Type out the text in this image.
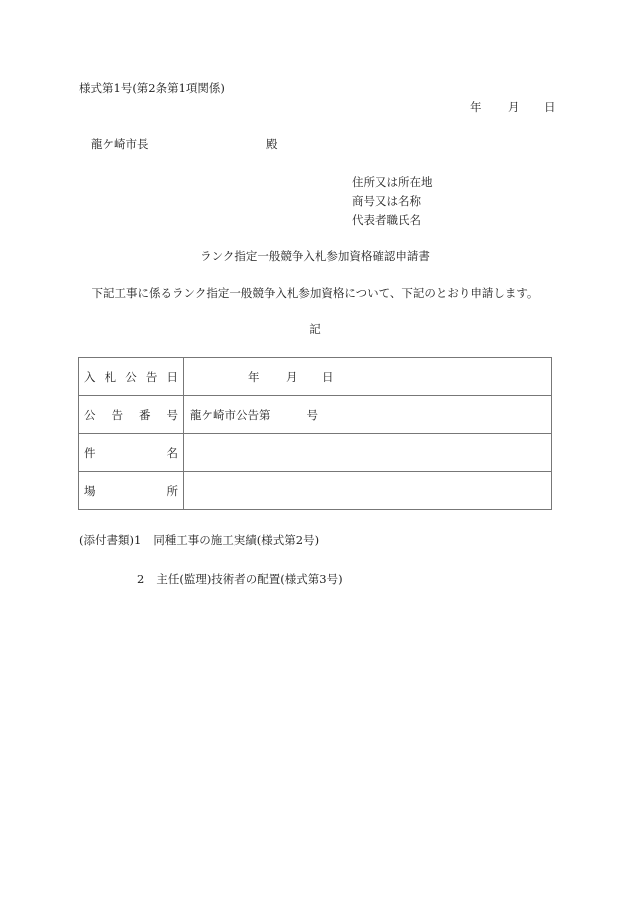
様式第1号(第2条第1項関係)
年 月 日
龍ケ崎市長	殿
住所又は所在地
商号又は名称
代表者職氏名
ランク指定一般競争入札参加資格確認申請書
下記工事に係るランク指定一般競争入札参加資格について、下記のとおり申請します。
記
入 札 公 告 日	年 月 日

公 告 番 号	龍ケ崎市公告第 号

件 名	

場 所	

(添付書類)1 同種工事の施工実績(様式第2号)
2 主任(監理)技術者の配置(様式第3号)
